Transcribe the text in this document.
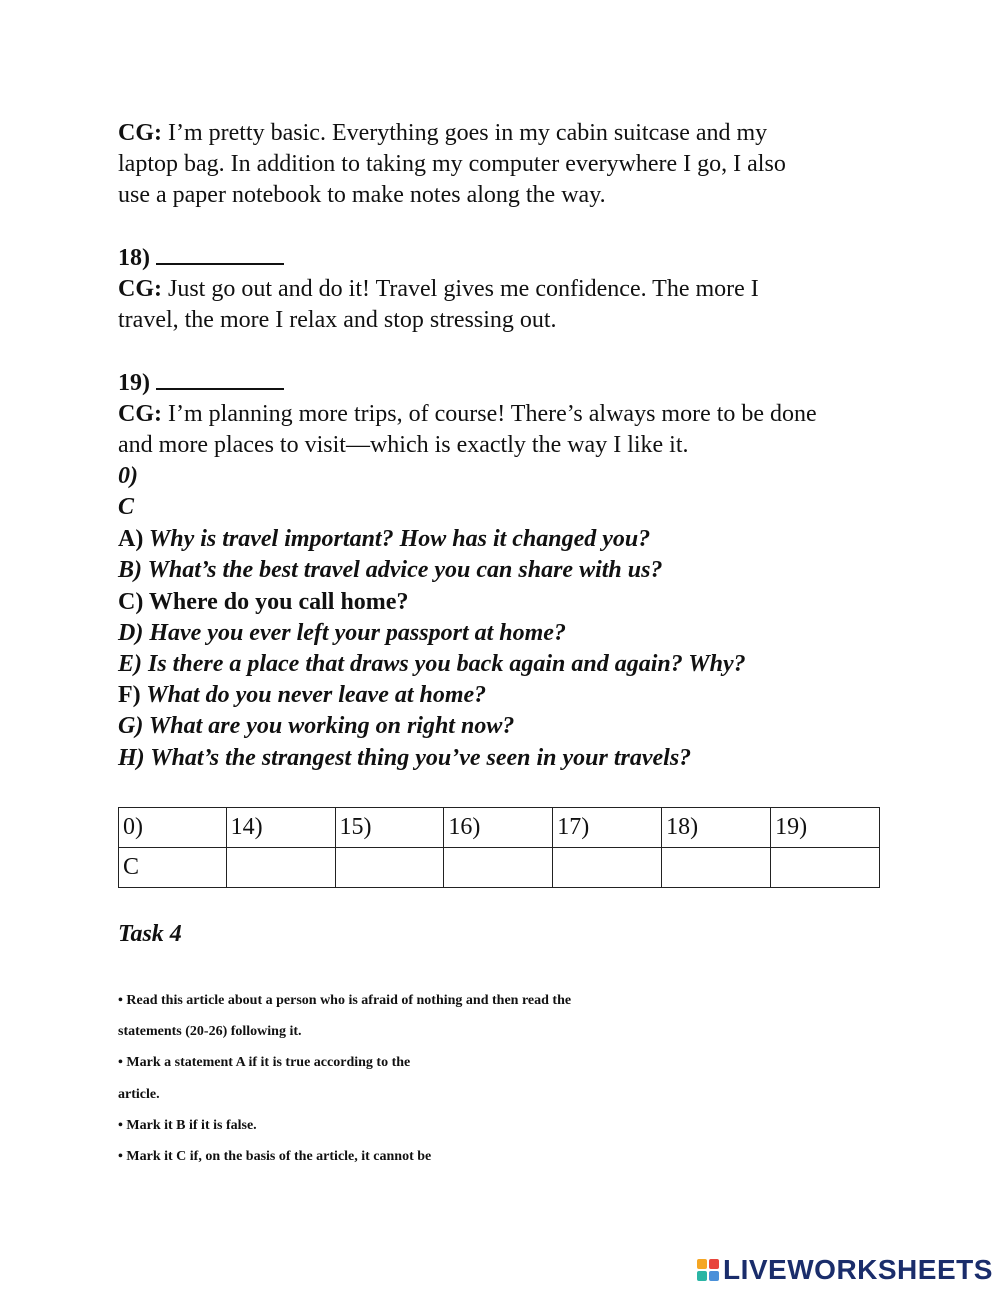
CG: I’m pretty basic. Everything goes in my cabin suitcase and my
laptop bag. In addition to taking my computer everywhere I go, I also
use a paper notebook to make notes along the way.
18)
CG: Just go out and do it! Travel gives me confidence. The more I
travel, the more I relax and stop stressing out.
19)
CG: I’m planning more trips, of course! There’s always more to be done
and more places to visit—which is exactly the way I like it.
0)
C
A) Why is travel important? How has it changed you?
B) What’s the best travel advice you can share with us?
C) Where do you call home?
D) Have you ever left your passport at home?
E) Is there a place that draws you back again and again? Why?
F) What do you never leave at home?
G) What are you working on right now?
H) What’s the strangest thing you’ve seen in your travels?
0)	14)	15)	16)	17)	18)	19)
C						
Task 4
• Read this article about a person who is afraid of nothing and then read the
statements (20-26) following it.
• Mark a statement A if it is true according to the
article.
• Mark it B if it is false.
• Mark it C if, on the basis of the article, it cannot be
LIVEWORKSHEETS
